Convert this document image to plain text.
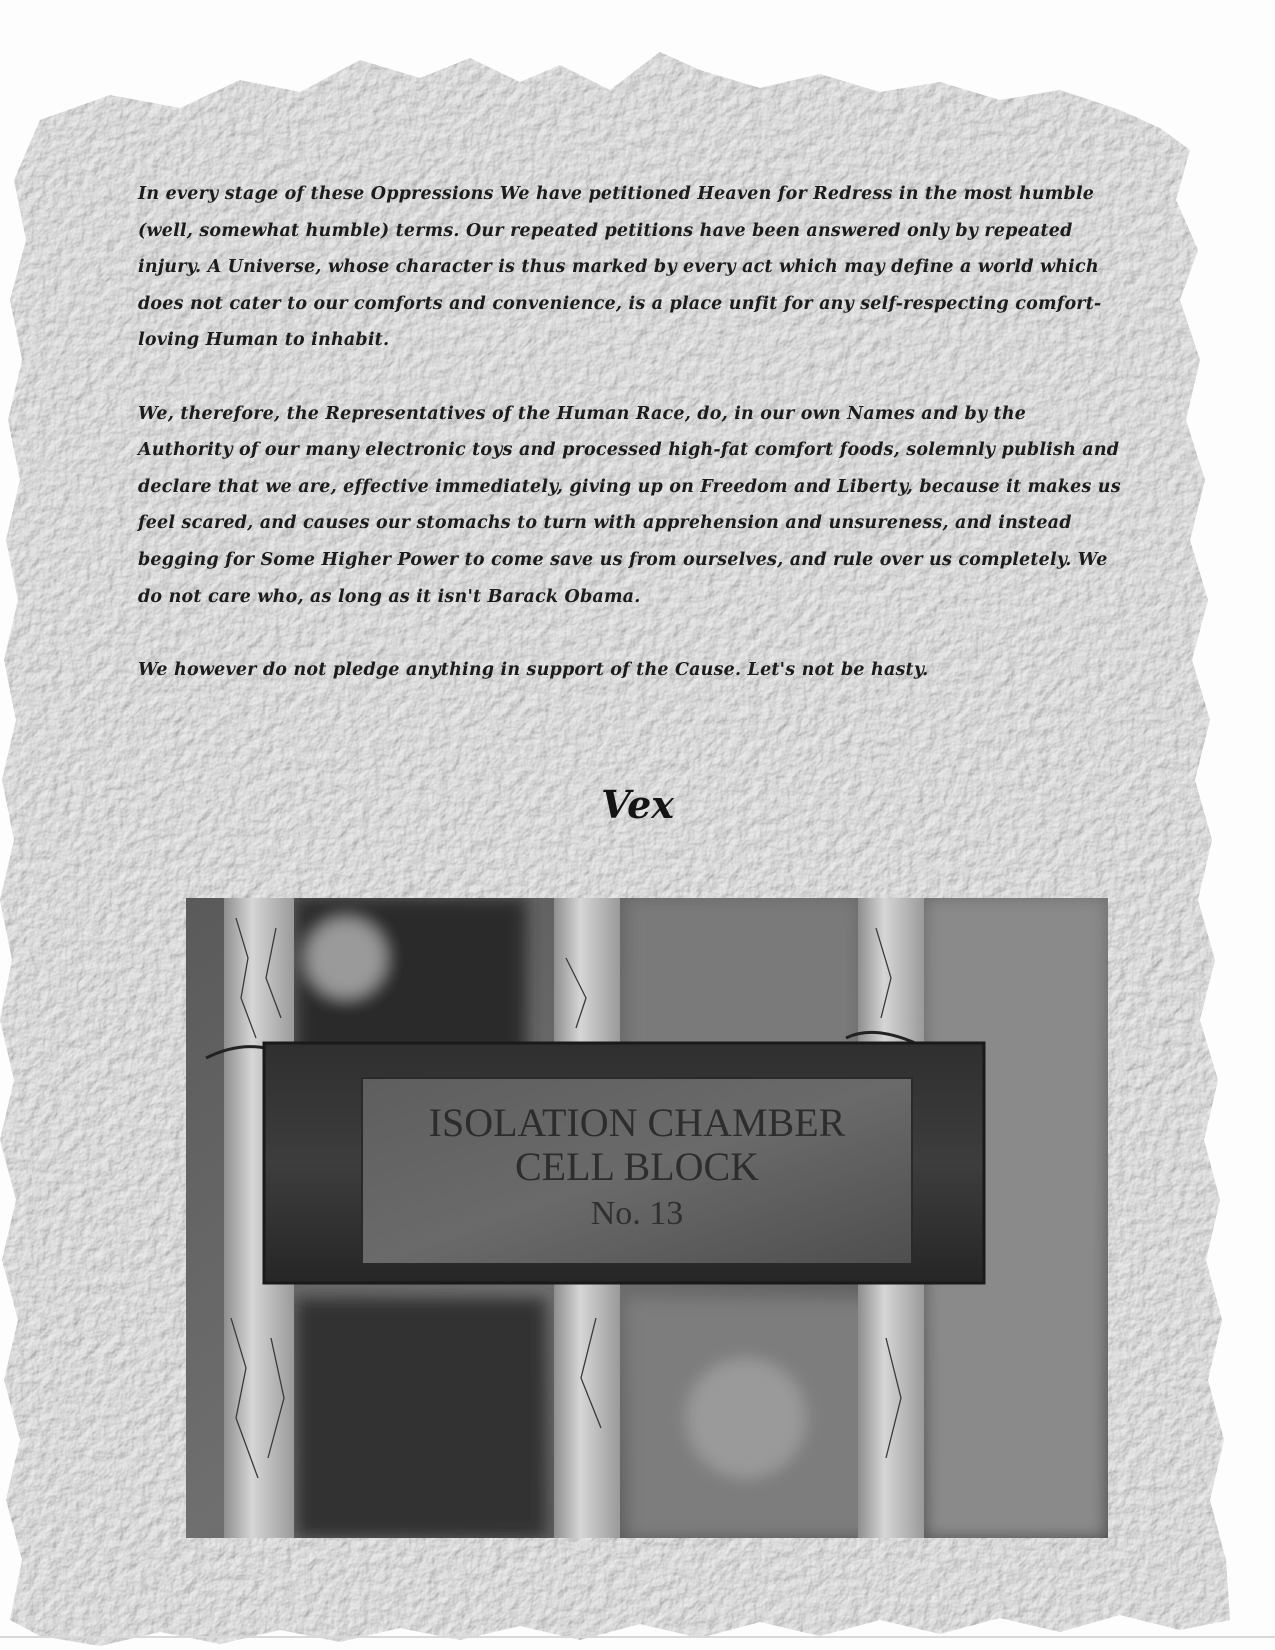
In every stage of these Oppressions We have petitioned Heaven for Redress in the most humble (well, somewhat humble) terms. Our repeated petitions have been answered only by repeated injury. A Universe, whose character is thus marked by every act which may define a world which does not cater to our comforts and convenience, is a place unfit for any self-respecting comfort-loving Human to inhabit.

We, therefore, the Representatives of the Human Race, do, in our own Names and by the Authority of our many electronic toys and processed high-fat comfort foods, solemnly publish and declare that we are, effective immediately, giving up on Freedom and Liberty, because it makes us feel scared, and causes our stomachs to turn with apprehension and unsureness, and instead begging for Some Higher Power to come save us from ourselves, and rule over us completely. We do not care who, as long as it isn't Barack Obama.

We however do not pledge anything in support of the Cause. Let's not be hasty.

Vex
ISOLATION CHAMBER
CELL BLOCK
No. 13
